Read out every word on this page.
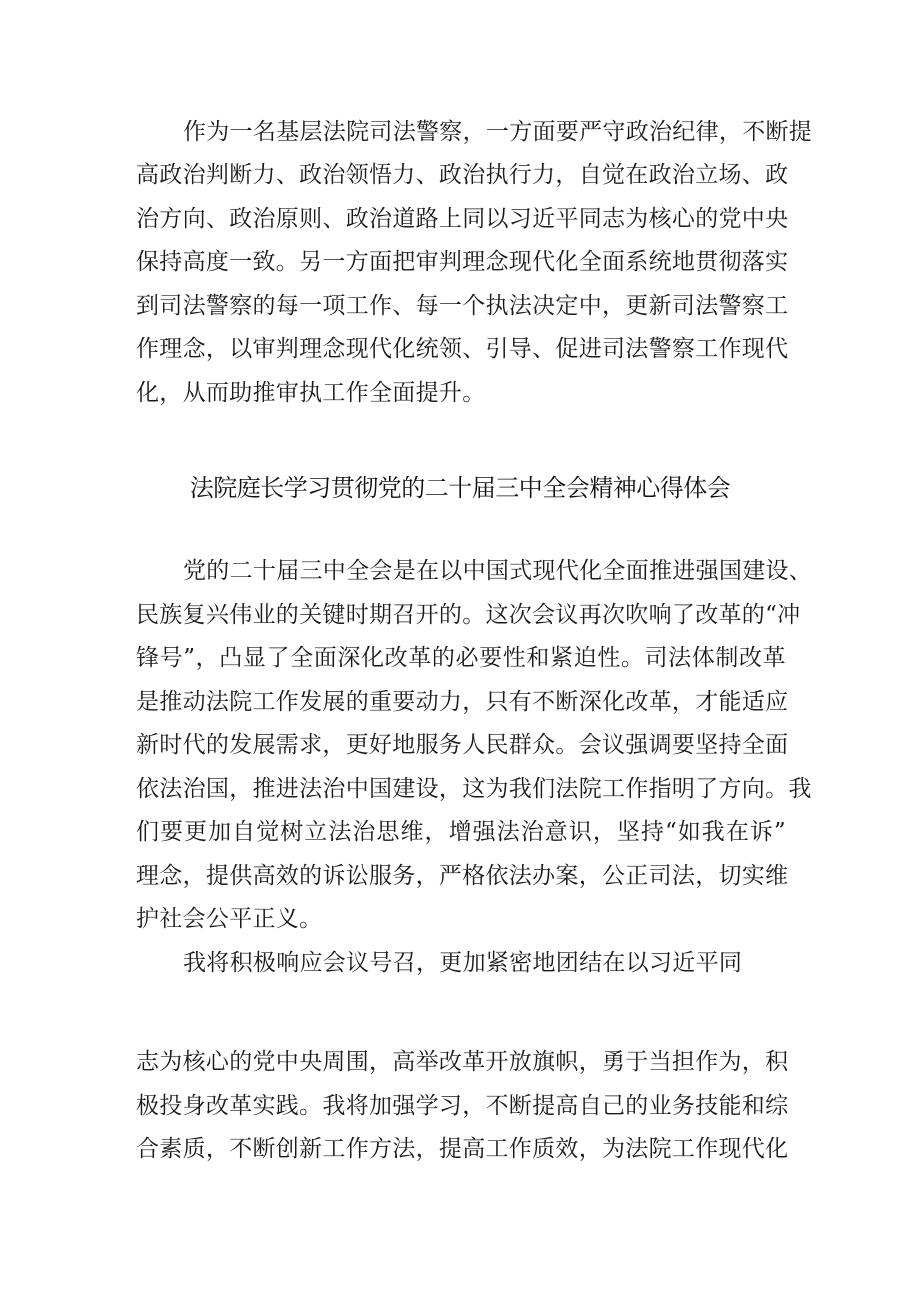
作为一名基层法院司法警察，一方面要严守政治纪律，不断提
高政治判断力、政治领悟力、政治执行力，自觉在政治立场、政
治方向、政治原则、政治道路上同以习近平同志为核心的党中央
保持高度一致。另一方面把审判理念现代化全面系统地贯彻落实
到司法警察的每一项工作、每一个执法决定中，更新司法警察工
作理念，以审判理念现代化统领、引导、促进司法警察工作现代
化，从而助推审执工作全面提升。
法院庭长学习贯彻党的二十届三中全会精神心得体会
党的二十届三中全会是在以中国式现代化全面推进强国建设、
民族复兴伟业的关键时期召开的。这次会议再次吹响了改革的“冲
锋号”，凸显了全面深化改革的必要性和紧迫性。司法体制改革
是推动法院工作发展的重要动力，只有不断深化改革，才能适应
新时代的发展需求，更好地服务人民群众。会议强调要坚持全面
依法治国，推进法治中国建设，这为我们法院工作指明了方向。我
们要更加自觉树立法治思维，增强法治意识，坚持“如我在诉”
理念，提供高效的诉讼服务，严格依法办案，公正司法，切实维
护社会公平正义。
我将积极响应会议号召，更加紧密地团结在以习近平同
志为核心的党中央周围，高举改革开放旗帜，勇于当担作为，积
极投身改革实践。我将加强学习，不断提高自己的业务技能和综
合素质，不断创新工作方法，提高工作质效，为法院工作现代化
